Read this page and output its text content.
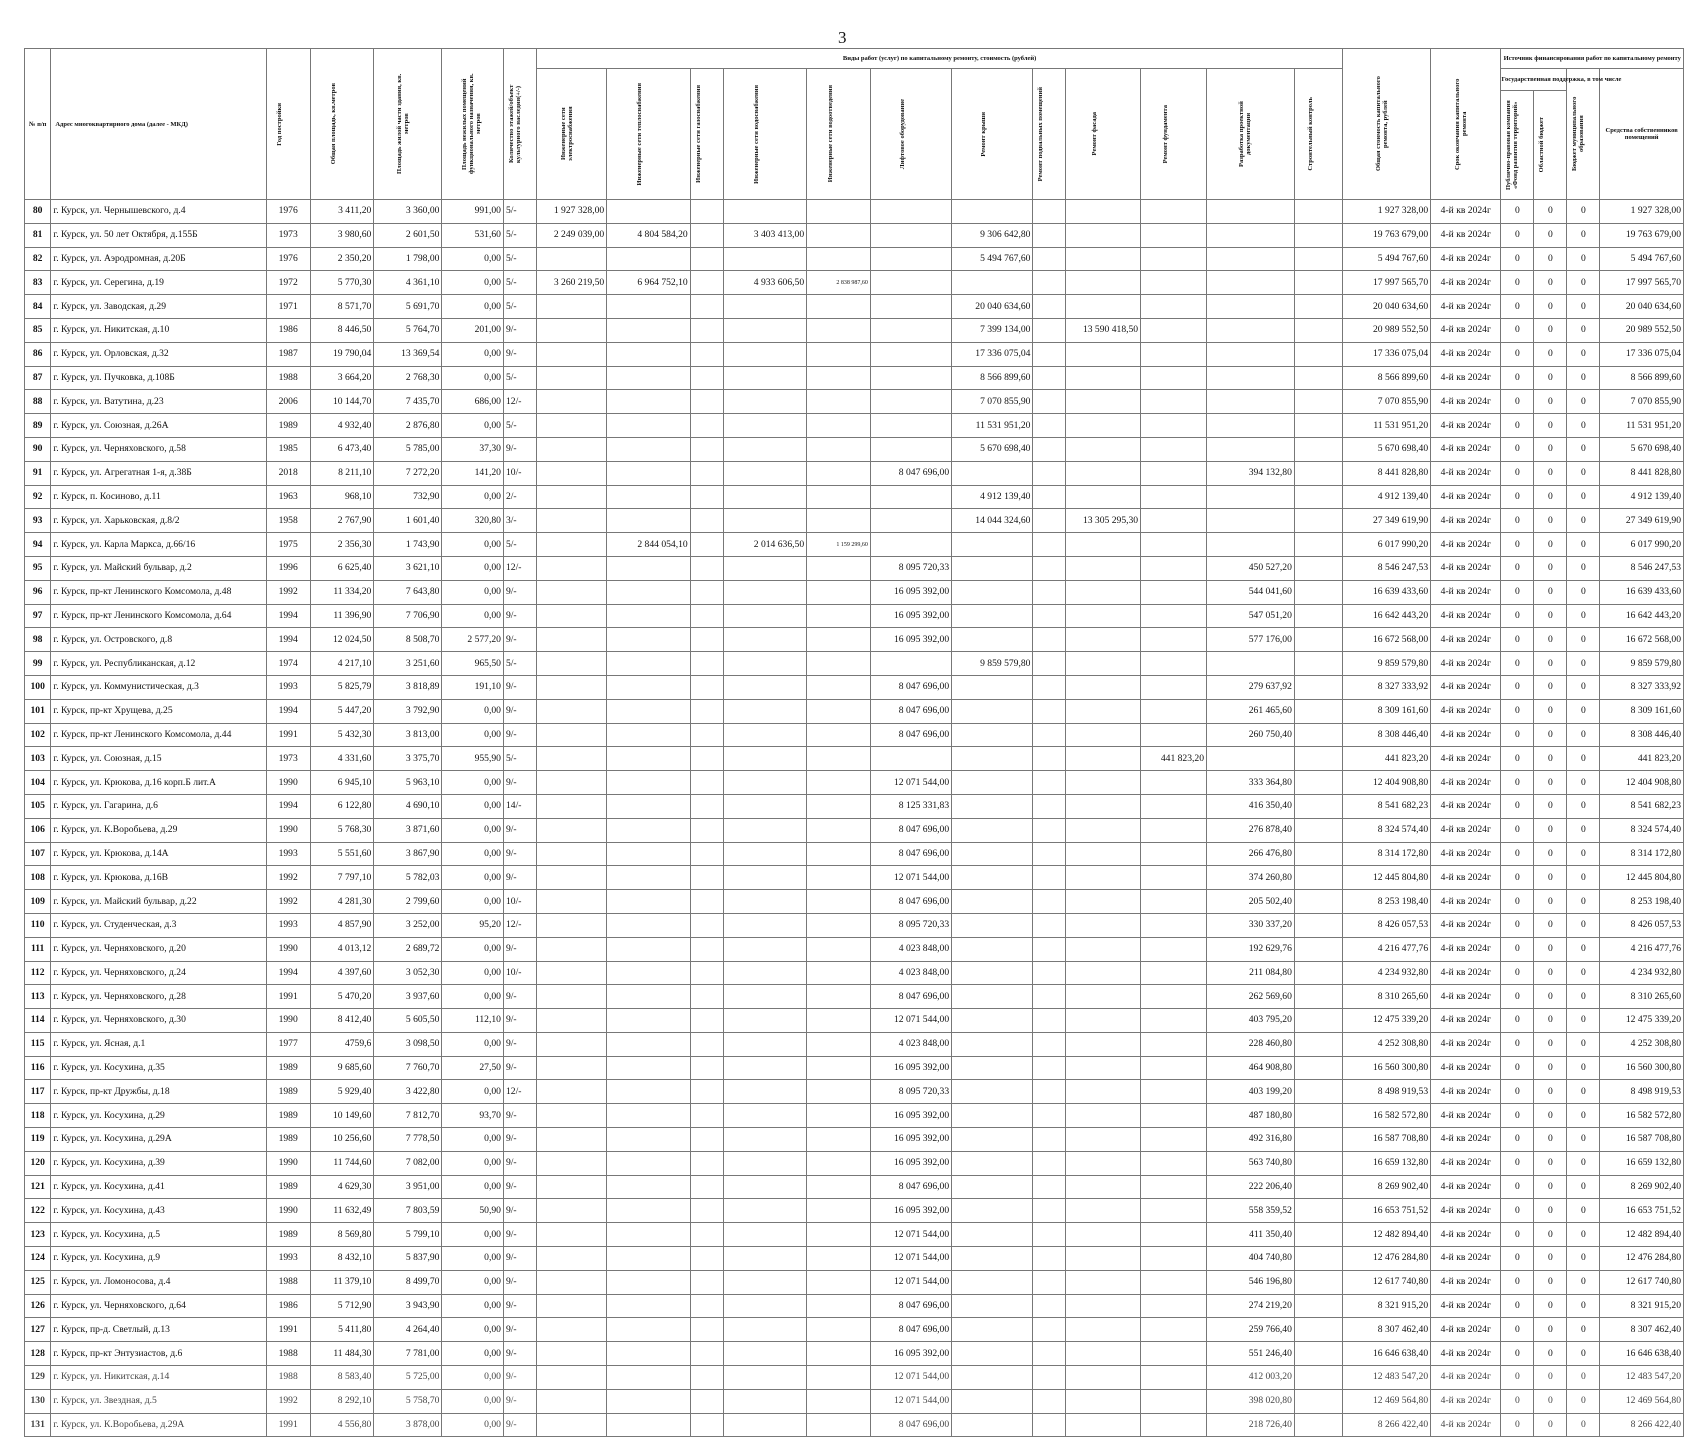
3
№ п/п	Адрес многоквартирного дома (далее - МКД)	Год постройки	Общая площадь, кв.метров	Площадь жилой части здания, кв. метров	Площадь нежилых помещений функционального назначения, кв. метров	Количество этажей/объект культурного наследия(+/-)	Виды работ (услуг) по капитальному ремонту, стоимость (рублей)												Общая стоимость капитального ремонта, рублей	Срок окончания капитального ремонта	Источник финансирования работ по капитальному ремонту			

							Инженерные сети электроснабжения	Инженерные сети теплоснабжения	Инженерные сети газоснабжения	Инженерные сети водоснабжения	Инженерные сети водоотведения	Лифтовое оборудование	Ремонт крыши	Ремонт подвальных помещений	Ремонт фасада	Ремонт фундамента	Разработка проектной документации	Строительный контроль			Государственная поддержка, в том числе		Бюджет муниципального образования	Средства собственников помещений

																					Публично-правовая компания «Фонд развития территорий»	Областной бюджет		

80	г. Курск, ул. Чернышевского, д.4	1976	3 411,20	3 360,00	991,00	5/-	1 927 328,00												1 927 328,00	4-й кв 2024г	0	0	0	1 927 328,00
81	г. Курск, ул. 50 лет Октября, д.155Б	1973	3 980,60	2 601,50	531,60	5/-	2 249 039,00	4 804 584,20		3 403 413,00			9 306 642,80						19 763 679,00	4-й кв 2024г	0	0	0	19 763 679,00
82	г. Курск, ул. Аэродромная, д.20Б	1976	2 350,20	1 798,00	0,00	5/-							5 494 767,60						5 494 767,60	4-й кв 2024г	0	0	0	5 494 767,60
83	г. Курск, ул. Серегина, д.19	1972	5 770,30	4 361,10	0,00	5/-	3 260 219,50	6 964 752,10		4 933 606,50	2 838 987,60								17 997 565,70	4-й кв 2024г	0	0	0	17 997 565,70
84	г. Курск, ул. Заводская, д.29	1971	8 571,70	5 691,70	0,00	5/-							20 040 634,60						20 040 634,60	4-й кв 2024г	0	0	0	20 040 634,60
85	г. Курск, ул. Никитская, д.10	1986	8 446,50	5 764,70	201,00	9/-							7 399 134,00		13 590 418,50				20 989 552,50	4-й кв 2024г	0	0	0	20 989 552,50
86	г. Курск, ул. Орловская, д.32	1987	19 790,04	13 369,54	0,00	9/-							17 336 075,04						17 336 075,04	4-й кв 2024г	0	0	0	17 336 075,04
87	г. Курск, ул. Пучковка, д.108Б	1988	3 664,20	2 768,30	0,00	5/-							8 566 899,60						8 566 899,60	4-й кв 2024г	0	0	0	8 566 899,60
88	г. Курск, ул. Ватутина, д.23	2006	10 144,70	7 435,70	686,00	12/-							7 070 855,90						7 070 855,90	4-й кв 2024г	0	0	0	7 070 855,90
89	г. Курск, ул. Союзная, д.26А	1989	4 932,40	2 876,80	0,00	5/-							11 531 951,20						11 531 951,20	4-й кв 2024г	0	0	0	11 531 951,20
90	г. Курск, ул. Черняховского, д.58	1985	6 473,40	5 785,00	37,30	9/-							5 670 698,40						5 670 698,40	4-й кв 2024г	0	0	0	5 670 698,40
91	г. Курск, ул. Агрегатная 1-я, д.38Б	2018	8 211,10	7 272,20	141,20	10/-						8 047 696,00					394 132,80		8 441 828,80	4-й кв 2024г	0	0	0	8 441 828,80
92	г. Курск, п. Косиново, д.11	1963	968,10	732,90	0,00	2/-							4 912 139,40						4 912 139,40	4-й кв 2024г	0	0	0	4 912 139,40
93	г. Курск, ул. Харьковская, д.8/2	1958	2 767,90	1 601,40	320,80	3/-							14 044 324,60		13 305 295,30				27 349 619,90	4-й кв 2024г	0	0	0	27 349 619,90
94	г. Курск, ул. Карла Маркса, д.66/16	1975	2 356,30	1 743,90	0,00	5/-		2 844 054,10		2 014 636,50	1 159 299,60								6 017 990,20	4-й кв 2024г	0	0	0	6 017 990,20
95	г. Курск, ул. Майский бульвар, д.2	1996	6 625,40	3 621,10	0,00	12/-						8 095 720,33					450 527,20		8 546 247,53	4-й кв 2024г	0	0	0	8 546 247,53
96	г. Курск, пр-кт Ленинского Комсомола, д.48	1992	11 334,20	7 643,80	0,00	9/-						16 095 392,00					544 041,60		16 639 433,60	4-й кв 2024г	0	0	0	16 639 433,60
97	г. Курск, пр-кт Ленинского Комсомола, д.64	1994	11 396,90	7 706,90	0,00	9/-						16 095 392,00					547 051,20		16 642 443,20	4-й кв 2024г	0	0	0	16 642 443,20
98	г. Курск, ул. Островского, д.8	1994	12 024,50	8 508,70	2 577,20	9/-						16 095 392,00					577 176,00		16 672 568,00	4-й кв 2024г	0	0	0	16 672 568,00
99	г. Курск, ул. Республиканская, д.12	1974	4 217,10	3 251,60	965,50	5/-							9 859 579,80						9 859 579,80	4-й кв 2024г	0	0	0	9 859 579,80
100	г. Курск, ул. Коммунистическая, д.3	1993	5 825,79	3 818,89	191,10	9/-						8 047 696,00					279 637,92		8 327 333,92	4-й кв 2024г	0	0	0	8 327 333,92
101	г. Курск, пр-кт Хрущева, д.25	1994	5 447,20	3 792,90	0,00	9/-						8 047 696,00					261 465,60		8 309 161,60	4-й кв 2024г	0	0	0	8 309 161,60
102	г. Курск, пр-кт Ленинского Комсомола, д.44	1991	5 432,30	3 813,00	0,00	9/-						8 047 696,00					260 750,40		8 308 446,40	4-й кв 2024г	0	0	0	8 308 446,40
103	г. Курск, ул. Союзная, д.15	1973	4 331,60	3 375,70	955,90	5/-										441 823,20			441 823,20	4-й кв 2024г	0	0	0	441 823,20
104	г. Курск, ул. Крюкова, д.16 корп.Б лит.А	1990	6 945,10	5 963,10	0,00	9/-						12 071 544,00					333 364,80		12 404 908,80	4-й кв 2024г	0	0	0	12 404 908,80
105	г. Курск, ул. Гагарина, д.6	1994	6 122,80	4 690,10	0,00	14/-						8 125 331,83					416 350,40		8 541 682,23	4-й кв 2024г	0	0	0	8 541 682,23
106	г. Курск, ул. К.Воробьева, д.29	1990	5 768,30	3 871,60	0,00	9/-						8 047 696,00					276 878,40		8 324 574,40	4-й кв 2024г	0	0	0	8 324 574,40
107	г. Курск, ул. Крюкова, д.14А	1993	5 551,60	3 867,90	0,00	9/-						8 047 696,00					266 476,80		8 314 172,80	4-й кв 2024г	0	0	0	8 314 172,80
108	г. Курск, ул. Крюкова, д.16В	1992	7 797,10	5 782,03	0,00	9/-						12 071 544,00					374 260,80		12 445 804,80	4-й кв 2024г	0	0	0	12 445 804,80
109	г. Курск, ул. Майский бульвар, д.22	1992	4 281,30	2 799,60	0,00	10/-						8 047 696,00					205 502,40		8 253 198,40	4-й кв 2024г	0	0	0	8 253 198,40
110	г. Курск, ул. Студенческая, д.3	1993	4 857,90	3 252,00	95,20	12/-						8 095 720,33					330 337,20		8 426 057,53	4-й кв 2024г	0	0	0	8 426 057,53
111	г. Курск, ул. Черняховского, д.20	1990	4 013,12	2 689,72	0,00	9/-						4 023 848,00					192 629,76		4 216 477,76	4-й кв 2024г	0	0	0	4 216 477,76
112	г. Курск, ул. Черняховского, д.24	1994	4 397,60	3 052,30	0,00	10/-						4 023 848,00					211 084,80		4 234 932,80	4-й кв 2024г	0	0	0	4 234 932,80
113	г. Курск, ул. Черняховского, д.28	1991	5 470,20	3 937,60	0,00	9/-						8 047 696,00					262 569,60		8 310 265,60	4-й кв 2024г	0	0	0	8 310 265,60
114	г. Курск, ул. Черняховского, д.30	1990	8 412,40	5 605,50	112,10	9/-						12 071 544,00					403 795,20		12 475 339,20	4-й кв 2024г	0	0	0	12 475 339,20
115	г. Курск, ул. Ясная, д.1	1977	4759,6	3 098,50	0,00	9/-						4 023 848,00					228 460,80		4 252 308,80	4-й кв 2024г	0	0	0	4 252 308,80
116	г. Курск, ул. Косухина, д.35	1989	9 685,60	7 760,70	27,50	9/-						16 095 392,00					464 908,80		16 560 300,80	4-й кв 2024г	0	0	0	16 560 300,80
117	г. Курск, пр-кт Дружбы, д.18	1989	5 929,40	3 422,80	0,00	12/-						8 095 720,33					403 199,20		8 498 919,53	4-й кв 2024г	0	0	0	8 498 919,53
118	г. Курск, ул. Косухина, д.29	1989	10 149,60	7 812,70	93,70	9/-						16 095 392,00					487 180,80		16 582 572,80	4-й кв 2024г	0	0	0	16 582 572,80
119	г. Курск, ул. Косухина, д.29А	1989	10 256,60	7 778,50	0,00	9/-						16 095 392,00					492 316,80		16 587 708,80	4-й кв 2024г	0	0	0	16 587 708,80
120	г. Курск, ул. Косухина, д.39	1990	11 744,60	7 082,00	0,00	9/-						16 095 392,00					563 740,80		16 659 132,80	4-й кв 2024г	0	0	0	16 659 132,80
121	г. Курск, ул. Косухина, д.41	1989	4 629,30	3 951,00	0,00	9/-						8 047 696,00					222 206,40		8 269 902,40	4-й кв 2024г	0	0	0	8 269 902,40
122	г. Курск, ул. Косухина, д.43	1990	11 632,49	7 803,59	50,90	9/-						16 095 392,00					558 359,52		16 653 751,52	4-й кв 2024г	0	0	0	16 653 751,52
123	г. Курск, ул. Косухина, д.5	1989	8 569,80	5 799,10	0,00	9/-						12 071 544,00					411 350,40		12 482 894,40	4-й кв 2024г	0	0	0	12 482 894,40
124	г. Курск, ул. Косухина, д.9	1993	8 432,10	5 837,90	0,00	9/-						12 071 544,00					404 740,80		12 476 284,80	4-й кв 2024г	0	0	0	12 476 284,80
125	г. Курск, ул. Ломоносова, д.4	1988	11 379,10	8 499,70	0,00	9/-						12 071 544,00					546 196,80		12 617 740,80	4-й кв 2024г	0	0	0	12 617 740,80
126	г. Курск, ул. Черняховского, д.64	1986	5 712,90	3 943,90	0,00	9/-						8 047 696,00					274 219,20		8 321 915,20	4-й кв 2024г	0	0	0	8 321 915,20
127	г. Курск, пр-д. Светлый, д.13	1991	5 411,80	4 264,40	0,00	9/-						8 047 696,00					259 766,40		8 307 462,40	4-й кв 2024г	0	0	0	8 307 462,40
128	г. Курск, пр-кт Энтузиастов, д.6	1988	11 484,30	7 781,00	0,00	9/-						16 095 392,00					551 246,40		16 646 638,40	4-й кв 2024г	0	0	0	16 646 638,40
129	г. Курск, ул. Никитская, д.14	1988	8 583,40	5 725,00	0,00	9/-						12 071 544,00					412 003,20		12 483 547,20	4-й кв 2024г	0	0	0	12 483 547,20
130	г. Курск, ул. Звездная, д.5	1992	8 292,10	5 758,70	0,00	9/-						12 071 544,00					398 020,80		12 469 564,80	4-й кв 2024г	0	0	0	12 469 564,80
131	г. Курск, ул. К.Воробьева, д.29А	1991	4 556,80	3 878,00	0,00	9/-						8 047 696,00					218 726,40		8 266 422,40	4-й кв 2024г	0	0	0	8 266 422,40
